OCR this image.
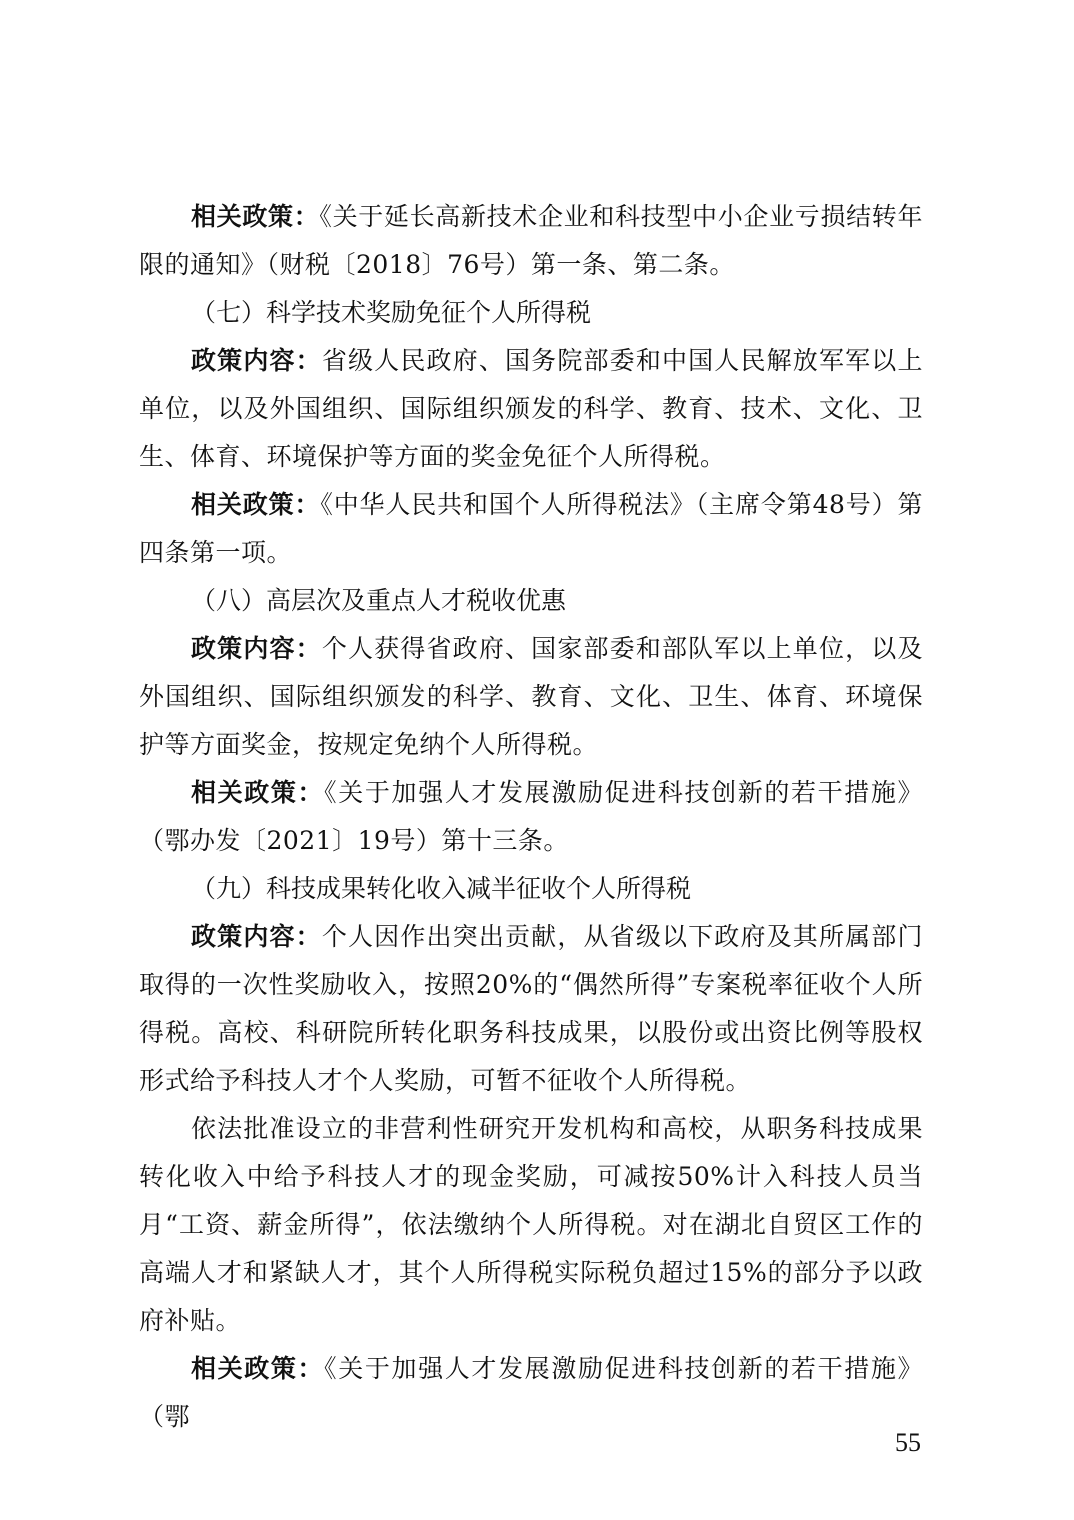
相关政策：《关于延长高新技术企业和科技型中小企业亏损结转年限的通知》（财税〔2018〕76号）第一条、第二条。

（七）科学技术奖励免征个人所得税

政策内容：省级人民政府、国务院部委和中国人民解放军军以上单位，以及外国组织、国际组织颁发的科学、教育、技术、文化、卫生、体育、环境保护等方面的奖金免征个人所得税。

相关政策：《中华人民共和国个人所得税法》（主席令第48号）第四条第一项。

（八）高层次及重点人才税收优惠

政策内容：个人获得省政府、国家部委和部队军以上单位，以及外国组织、国际组织颁发的科学、教育、文化、卫生、体育、环境保护等方面奖金，按规定免纳个人所得税。

相关政策：《关于加强人才发展激励促进科技创新的若干措施》（鄂办发〔2021〕19号）第十三条。

（九）科技成果转化收入减半征收个人所得税

政策内容：个人因作出突出贡献，从省级以下政府及其所属部门取得的一次性奖励收入，按照20%的“偶然所得”专案税率征收个人所得税。高校、科研院所转化职务科技成果，以股份或出资比例等股权形式给予科技人才个人奖励，可暂不征收个人所得税。

依法批准设立的非营利性研究开发机构和高校，从职务科技成果转化收入中给予科技人才的现金奖励，可减按50%计入科技人员当月“工资、薪金所得”，依法缴纳个人所得税。对在湖北自贸区工作的高端人才和紧缺人才，其个人所得税实际税负超过15%的部分予以政府补贴。

相关政策：《关于加强人才发展激励促进科技创新的若干措施》（鄂

55
